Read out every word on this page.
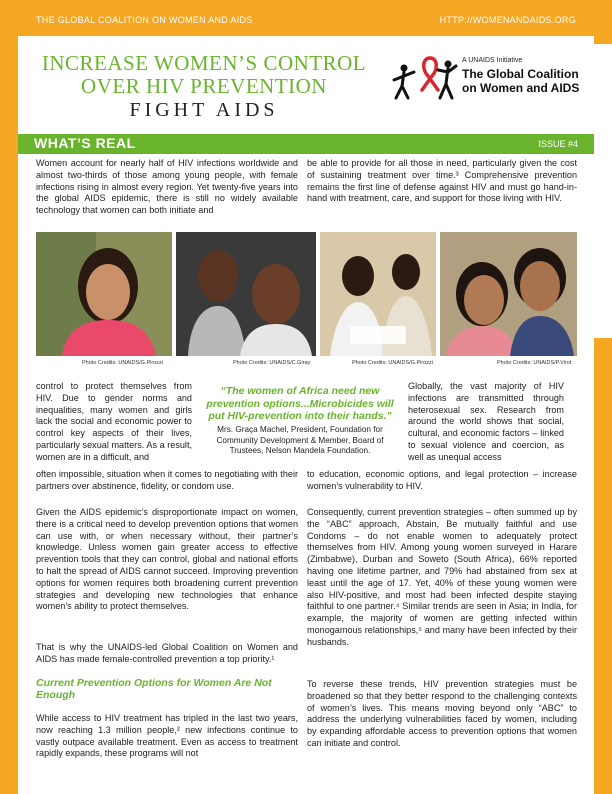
THE GLOBAL COALITION ON WOMEN AND AIDS	HTTP://WOMENANDAIDS.ORG
INCREASE WOMEN’S CONTROL
OVER HIV PREVENTION
FIGHT AIDS
A UNAIDS Initiative
The Global Coalition
on Women and AIDS
WHAT’S REAL	ISSUE #4
Women account for nearly half of HIV infections worldwide and almost two-thirds of those among young people, with female infections rising in almost every region. Yet twenty-five years into the global AIDS epidemic, there is still no widely available technology that women can both initiate and
be able to provide for all those in need, particularly given the cost of sustaining treatment over time.³ Comprehensive prevention remains the first line of defense against HIV and must go hand-in-hand with treatment, care, and support for those living with HIV.
Photo Credits: UNAIDS/G.Pirozzi	Photo Credits: UNAIDS/C.Giray	Photo Credits: UNAIDS/G.Pirozzi	Photo Credits: UNAIDS/P.Virot
control to protect themselves from HIV. Due to gender norms and inequalities, many women and girls lack the social and economic power to control key aspects of their lives, particularly sexual matters. As a result, women are in a difficult, and
“The women of Africa need new prevention options...Microbicides will put HIV-prevention into their hands.”
Mrs. Graça Machel, President, Foundation for Community Development & Member, Board of Trustees, Nelson Mandela Foundation.
Globally, the vast majority of HIV infections are transmitted through heterosexual sex. Research from around the world shows that social, cultural, and economic factors – linked to sexual violence and coercion, as well as unequal access
often impossible, situation when it comes to negotiating with their partners over abstinence, fidelity, or condom use.
to education, economic options, and legal protection – increase women’s vulnerability to HIV.
Given the AIDS epidemic’s disproportionate impact on women, there is a critical need to develop prevention options that women can use with, or when necessary without, their partner’s knowledge. Unless women gain greater access to effective prevention tools that they can control, global and national efforts to halt the spread of AIDS cannot succeed. Improving prevention options for women requires both broadening current prevention strategies and developing new technologies that enhance women’s ability to protect themselves.
That is why the UNAIDS-led Global Coalition on Women and AIDS has made female-controlled prevention a top priority.¹
Current Prevention Options for Women Are Not Enough
While access to HIV treatment has tripled in the last two years, now reaching 1.3 million people,² new infections continue to vastly outpace available treatment. Even as access to treatment rapidly expands, these programs will not
Consequently, current prevention strategies – often summed up by the “ABC” approach, Abstain, Be mutually faithful and use Condoms – do not enable women to adequately protect themselves from HIV. Among young women surveyed in Harare (Zimbabwe), Durban and Soweto (South Africa), 66% reported having one lifetime partner, and 79% had abstained from sex at least until the age of 17. Yet, 40% of these young women were also HIV-positive, and most had been infected despite staying faithful to one partner.⁴ Similar trends are seen in Asia; in India, for example, the majority of women are getting infected within monogamous relationships,⁵ and many have been infected by their husbands.
To reverse these trends, HIV prevention strategies must be broadened so that they better respond to the challenging contexts of women’s lives. This means moving beyond only “ABC” to address the underlying vulnerabilities faced by women, including by expanding affordable access to prevention options that women can initiate and control.
